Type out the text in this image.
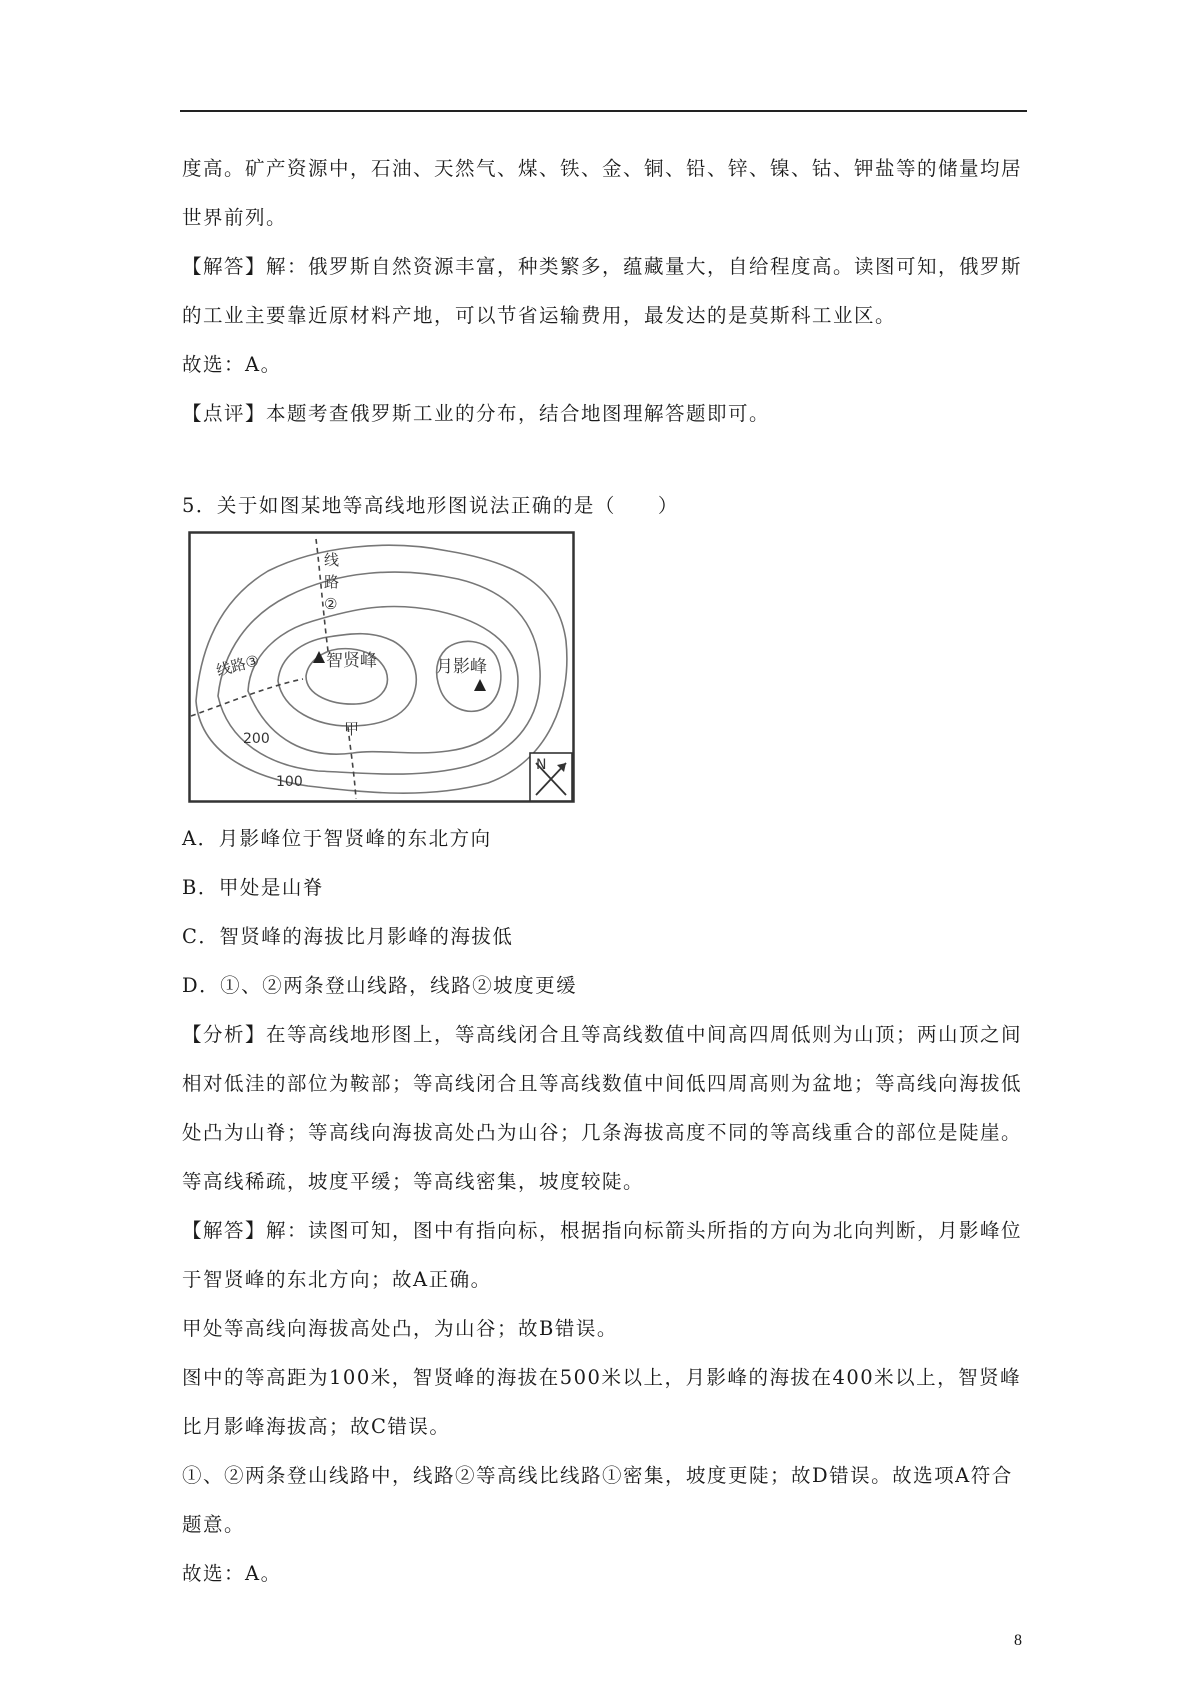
度高。矿产资源中，石油、天然气、煤、铁、金、铜、铅、锌、镍、钴、钾盐等的储量均居
世界前列。
【解答】解：俄罗斯自然资源丰富，种类繁多，蕴藏量大，自给程度高。读图可知，俄罗斯
的工业主要靠近原材料产地，可以节省运输费用，最发达的是莫斯科工业区。
故选：A。
【点评】本题考查俄罗斯工业的分布，结合地图理解答题即可。
5．关于如图某地等高线地形图说法正确的是（　　）
智贤峰	月影峰
线
路
②
线路③
甲
200
100
N
A．月影峰位于智贤峰的东北方向
B．甲处是山脊
C．智贤峰的海拔比月影峰的海拔低
D．①、②两条登山线路，线路②坡度更缓
【分析】在等高线地形图上，等高线闭合且等高线数值中间高四周低则为山顶；两山顶之间
相对低洼的部位为鞍部；等高线闭合且等高线数值中间低四周高则为盆地；等高线向海拔低
处凸为山脊；等高线向海拔高处凸为山谷；几条海拔高度不同的等高线重合的部位是陡崖。
等高线稀疏，坡度平缓；等高线密集，坡度较陡。
【解答】解：读图可知，图中有指向标，根据指向标箭头所指的方向为北向判断，月影峰位
于智贤峰的东北方向；故A正确。
甲处等高线向海拔高处凸，为山谷；故B错误。
图中的等高距为100米，智贤峰的海拔在500米以上，月影峰的海拔在400米以上，智贤峰
比月影峰海拔高；故C错误。
①、②两条登山线路中，线路②等高线比线路①密集，坡度更陡；故D错误。故选项A符合
题意。
故选：A。
8
